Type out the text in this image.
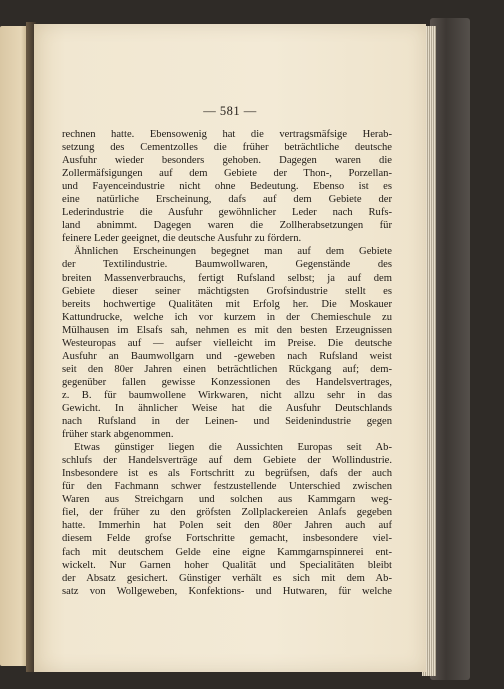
— 581 —
rechnen hatte. Ebensowenig hat die vertragsmäfsige Herab-
setzung des Cementzolles die früher beträchtliche deutsche
Ausfuhr wieder besonders gehoben. Dagegen waren die
Zollermäfsigungen auf dem Gebiete der Thon-, Porzellan-
und Fayenceindustrie nicht ohne Bedeutung. Ebenso ist es
eine natürliche Erscheinung, dafs auf dem Gebiete der
Lederindustrie die Ausfuhr gewöhnlicher Leder nach Rufs-
land abnimmt. Dagegen waren die Zollherabsetzungen für
feinere Leder geeignet, die deutsche Ausfuhr zu fördern.
Ähnlichen Erscheinungen begegnet man auf dem Gebiete
der Textilindustrie. Baumwollwaren, Gegenstände des
breiten Massenverbrauchs, fertigt Rufsland selbst; ja auf dem
Gebiete dieser seiner mächtigsten Grofsindustrie stellt es
bereits hochwertige Qualitäten mit Erfolg her. Die Moskauer
Kattundrucke, welche ich vor kurzem in der Chemieschule zu
Mülhausen im Elsafs sah, nehmen es mit den besten Erzeugnissen
Westeuropas auf — aufser vielleicht im Preise. Die deutsche
Ausfuhr an Baumwollgarn und -geweben nach Rufsland weist
seit den 80er Jahren einen beträchtlichen Rückgang auf; dem-
gegenüber fallen gewisse Konzessionen des Handelsvertrages,
z. B. für baumwollene Wirkwaren, nicht allzu sehr in das
Gewicht. In ähnlicher Weise hat die Ausfuhr Deutschlands
nach Rufsland in der Leinen- und Seidenindustrie gegen
früher stark abgenommen.
Etwas günstiger liegen die Aussichten Europas seit Ab-
schlufs der Handelsverträge auf dem Gebiete der Wollindustrie.
Insbesondere ist es als Fortschritt zu begrüfsen, dafs der auch
für den Fachmann schwer festzustellende Unterschied zwischen
Waren aus Streichgarn und solchen aus Kammgarn weg-
fiel, der früher zu den gröfsten Zollplackereien Anlafs gegeben
hatte. Immerhin hat Polen seit den 80er Jahren auch auf
diesem Felde grofse Fortschritte gemacht, insbesondere viel-
fach mit deutschem Gelde eine eigne Kammgarnspinnerei ent-
wickelt. Nur Garnen hoher Qualität und Specialitäten bleibt
der Absatz gesichert. Günstiger verhält es sich mit dem Ab-
satz von Wollgeweben, Konfektions- und Hutwaren, für welche
